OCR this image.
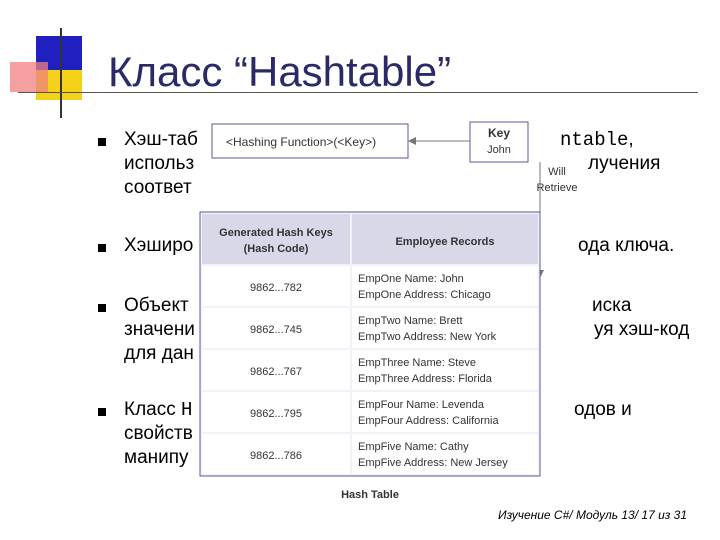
Класс “Hashtable”
Хэш-таб
использ
соответ
ntable,
лучения
Хэширо	ода ключа.
Объект
значени
для дан
иска
уя хэш-код
Класс H
свойств
манипу
одов и
<Hashing Function>(<Key>)
Key
John
Will
Retrieve
Generated Hash Keys
(Hash Code)
Employee Records
9862...782
EmpOne Name: John
EmpOne Address: Chicago
9862...745
EmpTwo Name: Brett
EmpTwo Address: New York
9862...767
EmpThree Name: Steve
EmpThree Address: Florida
9862...795
EmpFour Name: Levenda
EmpFour Address: California
9862...786
EmpFive Name: Cathy
EmpFive Address: New Jersey
Hash Table
Изучение C#/ Модуль 13/ 17 из 31
